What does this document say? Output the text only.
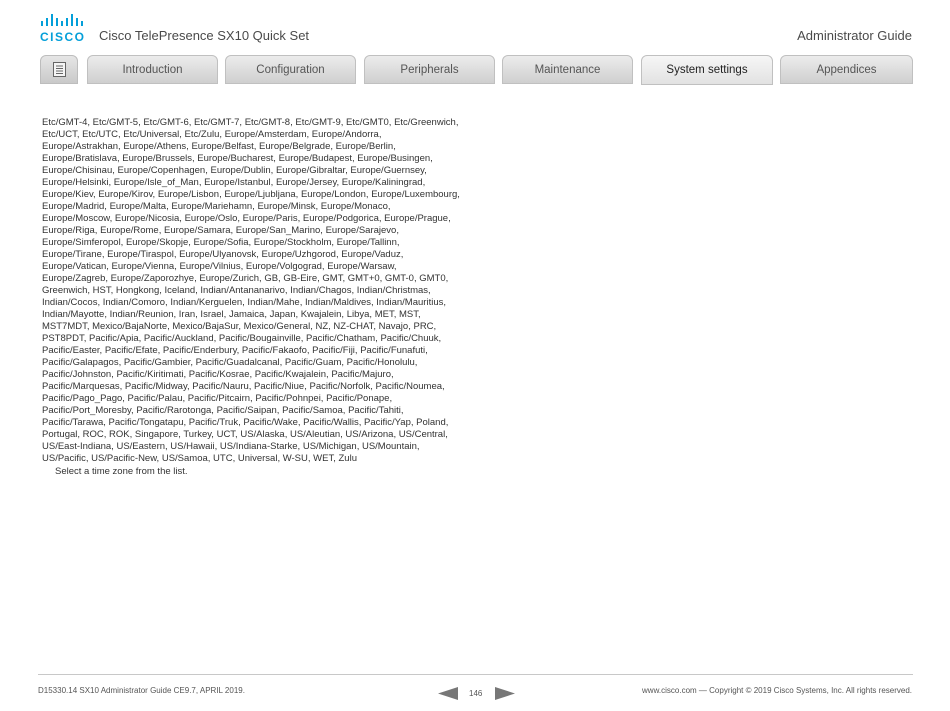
CISCO Cisco TelePresence SX10 Quick Set	Administrator Guide
Introduction	Configuration	Peripherals	Maintenance	System settings	Appendices

Etc/GMT-4, Etc/GMT-5, Etc/GMT-6, Etc/GMT-7, Etc/GMT-8, Etc/GMT-9, Etc/GMT0, Etc/Greenwich, Etc/UCT, Etc/UTC, Etc/Universal, Etc/Zulu, Europe/Amsterdam, Europe/Andorra, Europe/Astrakhan, Europe/Athens, Europe/Belfast, Europe/Belgrade, Europe/Berlin, Europe/Bratislava, Europe/Brussels, Europe/Bucharest, Europe/Budapest, Europe/Busingen, Europe/Chisinau, Europe/Copenhagen, Europe/Dublin, Europe/Gibraltar, Europe/Guernsey, Europe/Helsinki, Europe/Isle_of_Man, Europe/Istanbul, Europe/Jersey, Europe/Kaliningrad, Europe/Kiev, Europe/Kirov, Europe/Lisbon, Europe/Ljubljana, Europe/London, Europe/Luxembourg, Europe/Madrid, Europe/Malta, Europe/Mariehamn, Europe/Minsk, Europe/Monaco, Europe/Moscow, Europe/Nicosia, Europe/Oslo, Europe/Paris, Europe/Podgorica, Europe/Prague, Europe/Riga, Europe/Rome, Europe/Samara, Europe/San_Marino, Europe/Sarajevo, Europe/Simferopol, Europe/Skopje, Europe/Sofia, Europe/Stockholm, Europe/Tallinn, Europe/Tirane, Europe/Tiraspol, Europe/Ulyanovsk, Europe/Uzhgorod, Europe/Vaduz, Europe/Vatican, Europe/Vienna, Europe/Vilnius, Europe/Volgograd, Europe/Warsaw, Europe/Zagreb, Europe/Zaporozhye, Europe/Zurich, GB, GB-Eire, GMT, GMT+0, GMT-0, GMT0, Greenwich, HST, Hongkong, Iceland, Indian/Antananarivo, Indian/Chagos, Indian/Christmas, Indian/Cocos, Indian/Comoro, Indian/Kerguelen, Indian/Mahe, Indian/Maldives, Indian/Mauritius, Indian/Mayotte, Indian/Reunion, Iran, Israel, Jamaica, Japan, Kwajalein, Libya, MET, MST, MST7MDT, Mexico/BajaNorte, Mexico/BajaSur, Mexico/General, NZ, NZ-CHAT, Navajo, PRC, PST8PDT, Pacific/Apia, Pacific/Auckland, Pacific/Bougainville, Pacific/Chatham, Pacific/Chuuk, Pacific/Easter, Pacific/Efate, Pacific/Enderbury, Pacific/Fakaofo, Pacific/Fiji, Pacific/Funafuti, Pacific/Galapagos, Pacific/Gambier, Pacific/Guadalcanal, Pacific/Guam, Pacific/Honolulu, Pacific/Johnston, Pacific/Kiritimati, Pacific/Kosrae, Pacific/Kwajalein, Pacific/Majuro, Pacific/Marquesas, Pacific/Midway, Pacific/Nauru, Pacific/Niue, Pacific/Norfolk, Pacific/Noumea, Pacific/Pago_Pago, Pacific/Palau, Pacific/Pitcairn, Pacific/Pohnpei, Pacific/Ponape, Pacific/Port_Moresby, Pacific/Rarotonga, Pacific/Saipan, Pacific/Samoa, Pacific/Tahiti, Pacific/Tarawa, Pacific/Tongatapu, Pacific/Truk, Pacific/Wake, Pacific/Wallis, Pacific/Yap, Poland, Portugal, ROC, ROK, Singapore, Turkey, UCT, US/Alaska, US/Aleutian, US/Arizona, US/Central, US/East-Indiana, US/Eastern, US/Hawaii, US/Indiana-Starke, US/Michigan, US/Mountain, US/Pacific, US/Pacific-New, US/Samoa, UTC, Universal, W-SU, WET, Zulu

Select a time zone from the list.

D15330.14 SX10 Administrator Guide CE9.7, APRIL 2019.	146	www.cisco.com — Copyright © 2019 Cisco Systems, Inc. All rights reserved.
